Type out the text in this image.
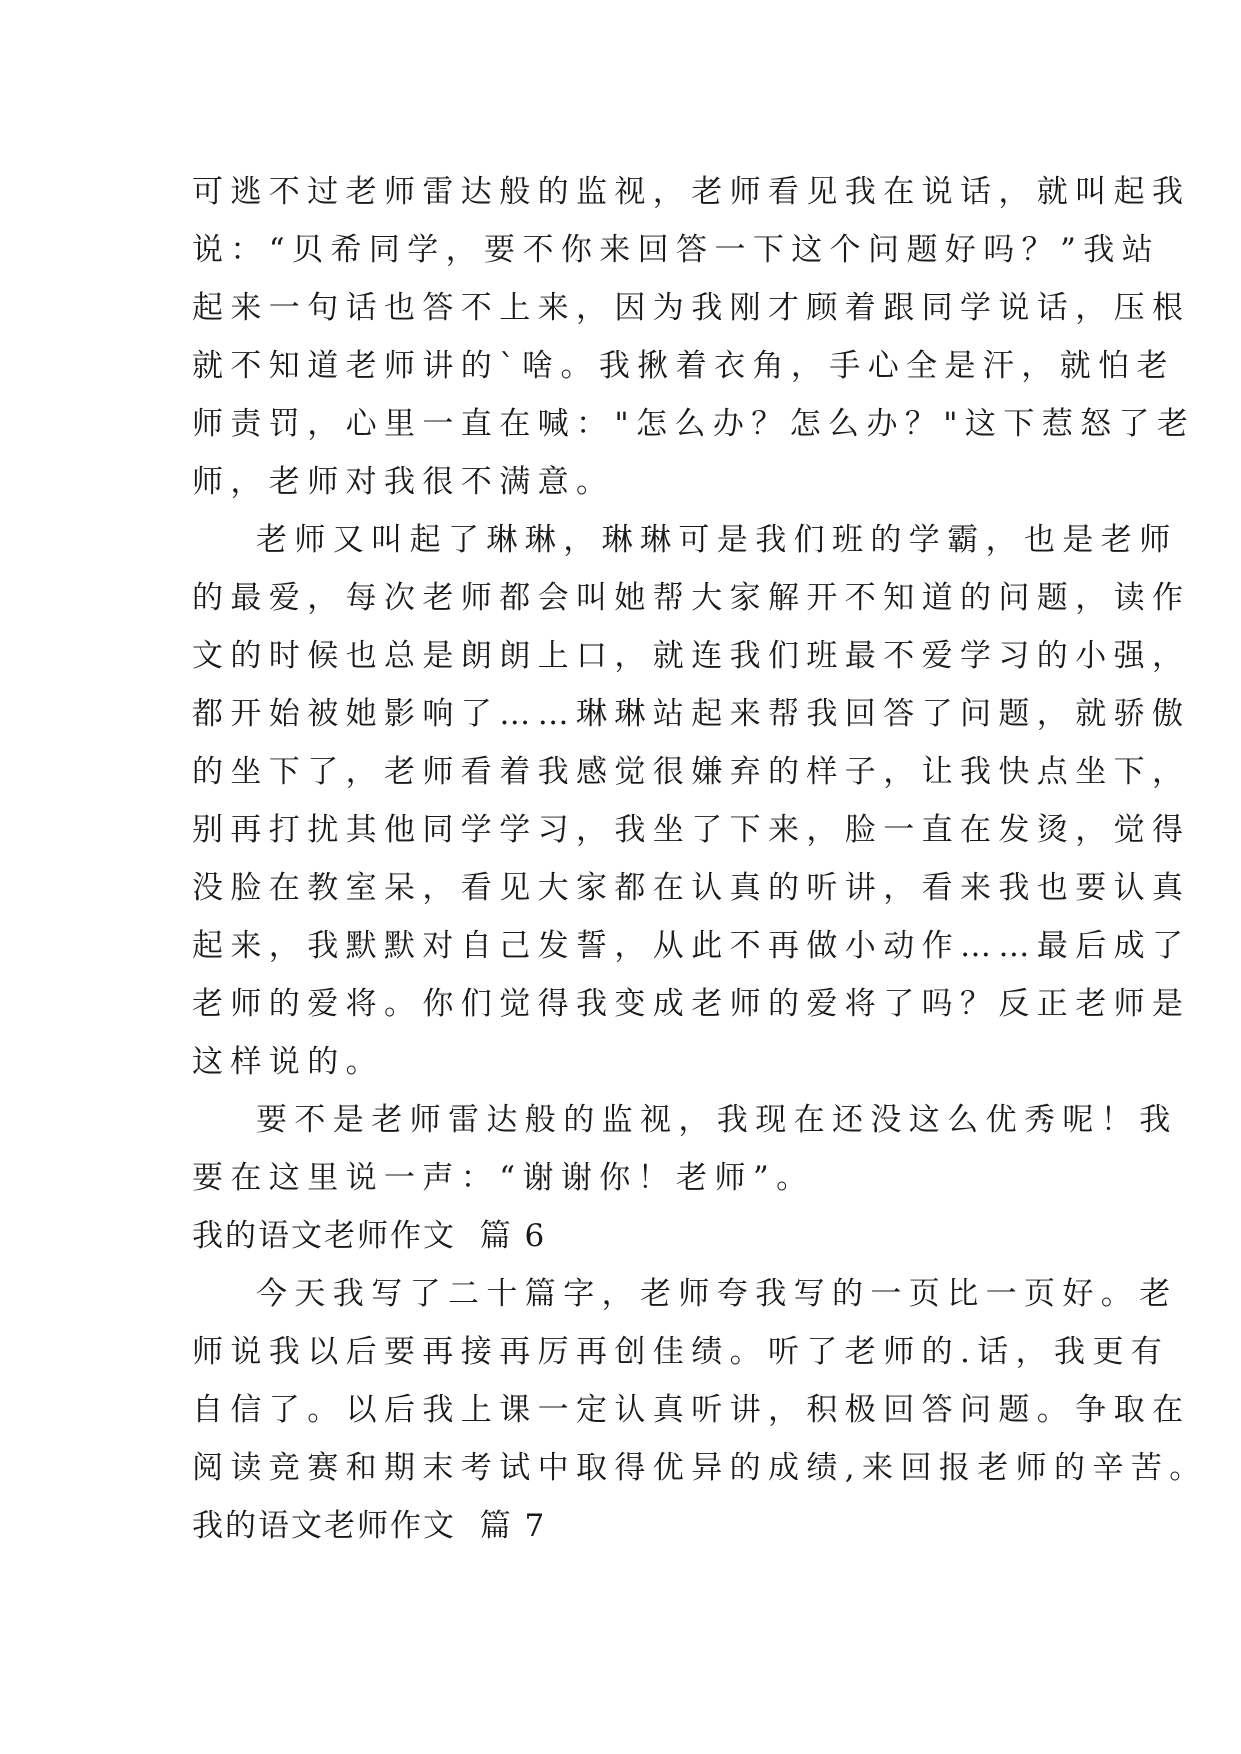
可逃不过老师雷达般的监视，老师看见我在说话，就叫起我

说：“贝希同学，要不你来回答一下这个问题好吗？”我站

起来一句话也答不上来，因为我刚才顾着跟同学说话，压根

就不知道老师讲的`啥。我揪着衣角，手心全是汗，就怕老

师责罚，心里一直在喊："怎么办？怎么办？"这下惹怒了老

师，老师对我很不满意。

老师又叫起了琳琳，琳琳可是我们班的学霸，也是老师

的最爱，每次老师都会叫她帮大家解开不知道的问题，读作

文的时候也总是朗朗上口，就连我们班最不爱学习的小强，

都开始被她影响了……琳琳站起来帮我回答了问题，就骄傲

的坐下了，老师看着我感觉很嫌弃的样子，让我快点坐下，

别再打扰其他同学学习，我坐了下来，脸一直在发烫，觉得

没脸在教室呆，看见大家都在认真的听讲，看来我也要认真

起来，我默默对自己发誓，从此不再做小动作……最后成了

老师的爱将。你们觉得我变成老师的爱将了吗？反正老师是

这样说的。

要不是老师雷达般的监视，我现在还没这么优秀呢！我

要在这里说一声：“谢谢你！老师”。

我的语文老师作文  篇 6

今天我写了二十篇字，老师夸我写的一页比一页好。老

师说我以后要再接再厉再创佳绩。听了老师的.话，我更有

自信了。以后我上课一定认真听讲，积极回答问题。争取在

阅读竞赛和期末考试中取得优异的成绩,来回报老师的辛苦。

我的语文老师作文  篇 7
